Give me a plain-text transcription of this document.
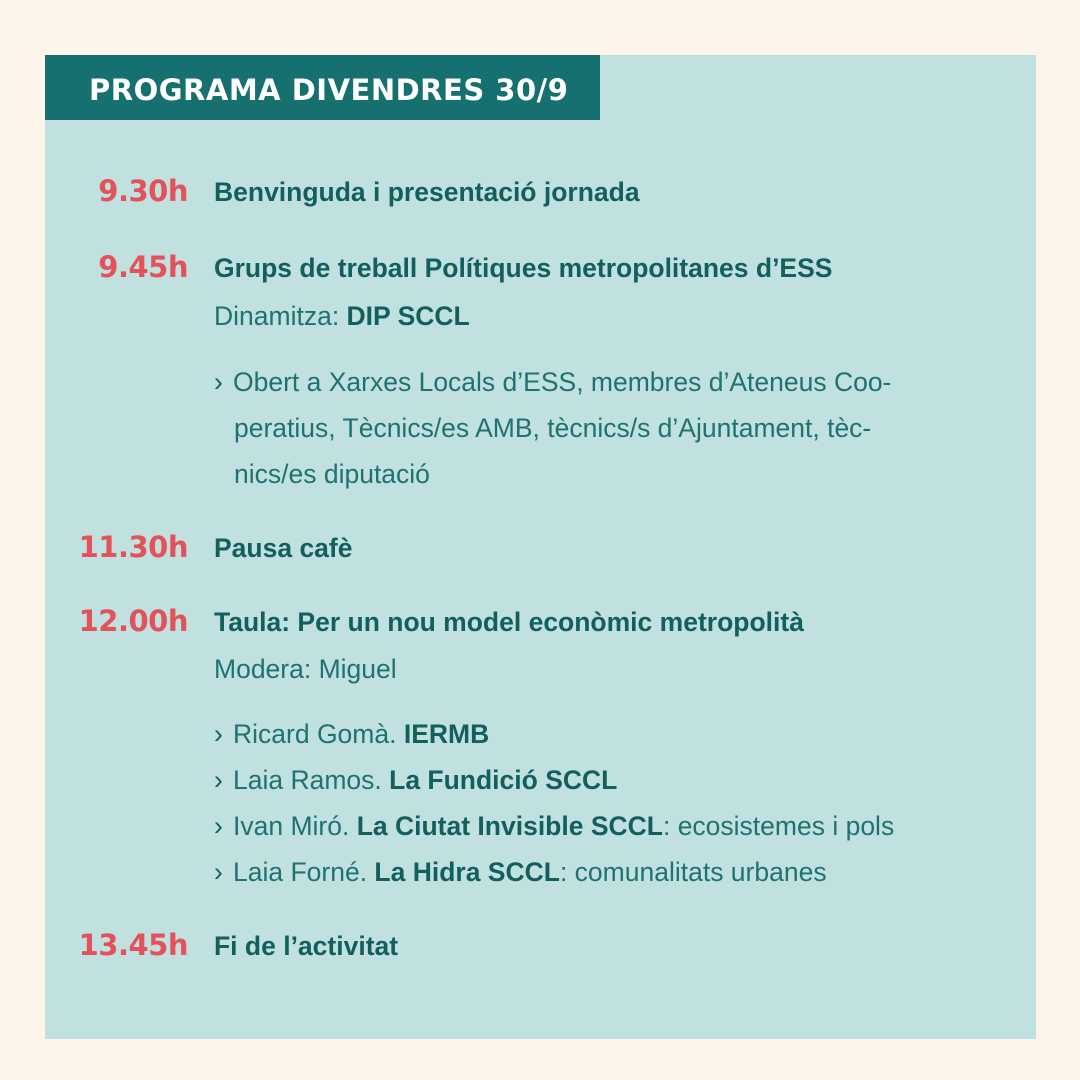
PROGRAMA DIVENDRES 30/9
9.30h Benvinguda i presentació jornada
9.45h Grups de treball Polítiques metropolitanes d’ESS
Dinamitza: DIP SCCL
› Obert a Xarxes Locals d’ESS, membres d’Ateneus Coo-
peratius, Tècnics/es AMB, tècnics/s d’Ajuntament, tèc-
nics/es diputació
11.30h Pausa cafè
12.00h Taula: Per un nou model econòmic metropolità
Modera: Miguel
› Ricard Gomà. IERMB
› Laia Ramos. La Fundició SCCL
› Ivan Miró. La Ciutat Invisible SCCL: ecosistemes i pols
› Laia Forné. La Hidra SCCL: comunalitats urbanes
13.45h Fi de l’activitat
